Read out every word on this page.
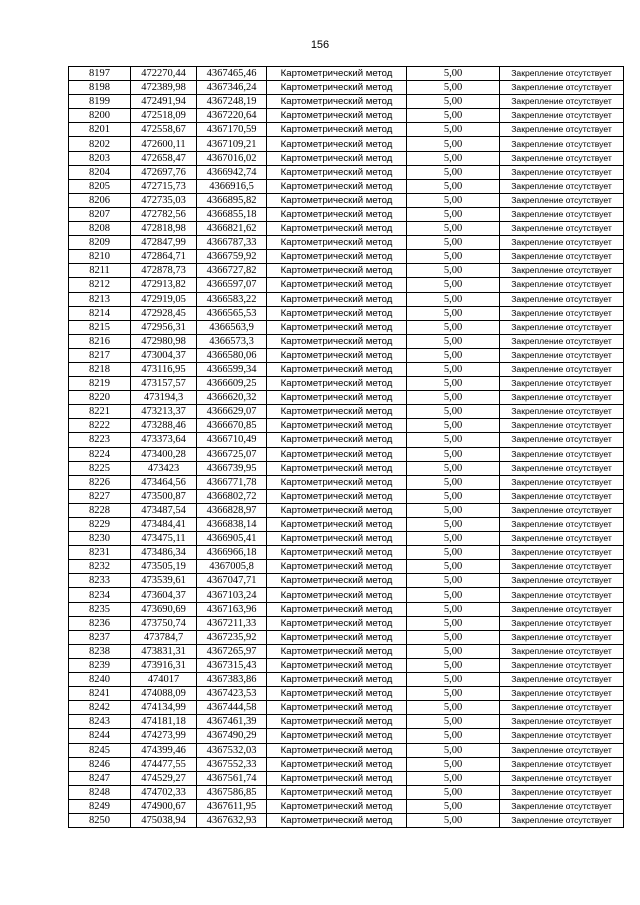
156
8197	472270,44	4367465,46	Картометрический метод	5,00	Закрепление отсутствует
8198	472389,98	4367346,24	Картометрический метод	5,00	Закрепление отсутствует
8199	472491,94	4367248,19	Картометрический метод	5,00	Закрепление отсутствует
8200	472518,09	4367220,64	Картометрический метод	5,00	Закрепление отсутствует
8201	472558,67	4367170,59	Картометрический метод	5,00	Закрепление отсутствует
8202	472600,11	4367109,21	Картометрический метод	5,00	Закрепление отсутствует
8203	472658,47	4367016,02	Картометрический метод	5,00	Закрепление отсутствует
8204	472697,76	4366942,74	Картометрический метод	5,00	Закрепление отсутствует
8205	472715,73	4366916,5	Картометрический метод	5,00	Закрепление отсутствует
8206	472735,03	4366895,82	Картометрический метод	5,00	Закрепление отсутствует
8207	472782,56	4366855,18	Картометрический метод	5,00	Закрепление отсутствует
8208	472818,98	4366821,62	Картометрический метод	5,00	Закрепление отсутствует
8209	472847,99	4366787,33	Картометрический метод	5,00	Закрепление отсутствует
8210	472864,71	4366759,92	Картометрический метод	5,00	Закрепление отсутствует
8211	472878,73	4366727,82	Картометрический метод	5,00	Закрепление отсутствует
8212	472913,82	4366597,07	Картометрический метод	5,00	Закрепление отсутствует
8213	472919,05	4366583,22	Картометрический метод	5,00	Закрепление отсутствует
8214	472928,45	4366565,53	Картометрический метод	5,00	Закрепление отсутствует
8215	472956,31	4366563,9	Картометрический метод	5,00	Закрепление отсутствует
8216	472980,98	4366573,3	Картометрический метод	5,00	Закрепление отсутствует
8217	473004,37	4366580,06	Картометрический метод	5,00	Закрепление отсутствует
8218	473116,95	4366599,34	Картометрический метод	5,00	Закрепление отсутствует
8219	473157,57	4366609,25	Картометрический метод	5,00	Закрепление отсутствует
8220	473194,3	4366620,32	Картометрический метод	5,00	Закрепление отсутствует
8221	473213,37	4366629,07	Картометрический метод	5,00	Закрепление отсутствует
8222	473288,46	4366670,85	Картометрический метод	5,00	Закрепление отсутствует
8223	473373,64	4366710,49	Картометрический метод	5,00	Закрепление отсутствует
8224	473400,28	4366725,07	Картометрический метод	5,00	Закрепление отсутствует
8225	473423	4366739,95	Картометрический метод	5,00	Закрепление отсутствует
8226	473464,56	4366771,78	Картометрический метод	5,00	Закрепление отсутствует
8227	473500,87	4366802,72	Картометрический метод	5,00	Закрепление отсутствует
8228	473487,54	4366828,97	Картометрический метод	5,00	Закрепление отсутствует
8229	473484,41	4366838,14	Картометрический метод	5,00	Закрепление отсутствует
8230	473475,11	4366905,41	Картометрический метод	5,00	Закрепление отсутствует
8231	473486,34	4366966,18	Картометрический метод	5,00	Закрепление отсутствует
8232	473505,19	4367005,8	Картометрический метод	5,00	Закрепление отсутствует
8233	473539,61	4367047,71	Картометрический метод	5,00	Закрепление отсутствует
8234	473604,37	4367103,24	Картометрический метод	5,00	Закрепление отсутствует
8235	473690,69	4367163,96	Картометрический метод	5,00	Закрепление отсутствует
8236	473750,74	4367211,33	Картометрический метод	5,00	Закрепление отсутствует
8237	473784,7	4367235,92	Картометрический метод	5,00	Закрепление отсутствует
8238	473831,31	4367265,97	Картометрический метод	5,00	Закрепление отсутствует
8239	473916,31	4367315,43	Картометрический метод	5,00	Закрепление отсутствует
8240	474017	4367383,86	Картометрический метод	5,00	Закрепление отсутствует
8241	474088,09	4367423,53	Картометрический метод	5,00	Закрепление отсутствует
8242	474134,99	4367444,58	Картометрический метод	5,00	Закрепление отсутствует
8243	474181,18	4367461,39	Картометрический метод	5,00	Закрепление отсутствует
8244	474273,99	4367490,29	Картометрический метод	5,00	Закрепление отсутствует
8245	474399,46	4367532,03	Картометрический метод	5,00	Закрепление отсутствует
8246	474477,55	4367552,33	Картометрический метод	5,00	Закрепление отсутствует
8247	474529,27	4367561,74	Картометрический метод	5,00	Закрепление отсутствует
8248	474702,33	4367586,85	Картометрический метод	5,00	Закрепление отсутствует
8249	474900,67	4367611,95	Картометрический метод	5,00	Закрепление отсутствует
8250	475038,94	4367632,93	Картометрический метод	5,00	Закрепление отсутствует
